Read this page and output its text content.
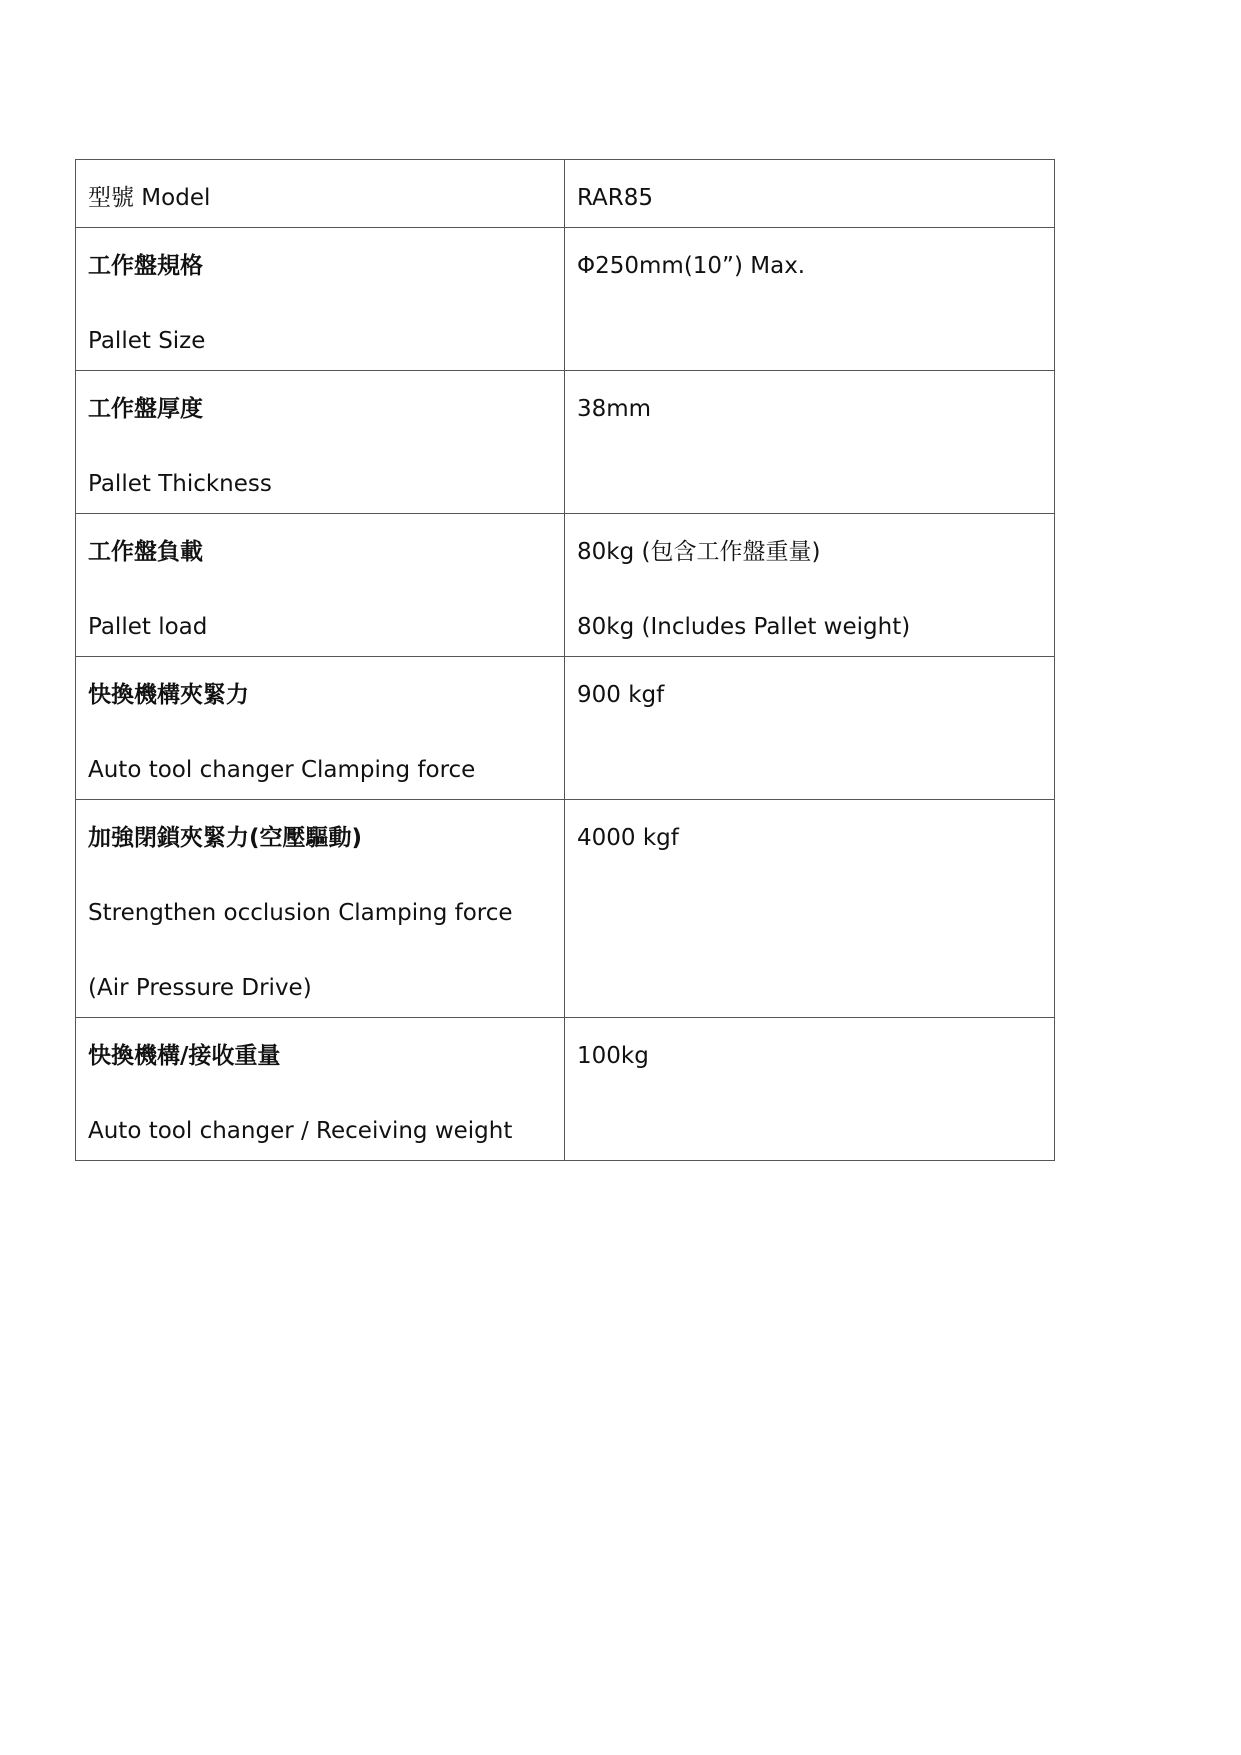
型號 Model	RAR85

工作盤規格
Pallet Size	Φ250mm(10”) Max.

工作盤厚度
Pallet Thickness	38mm

工作盤負載
Pallet load	80kg (包含工作盤重量)
80kg (Includes Pallet weight)

快換機構夾緊力
Auto tool changer Clamping force	900 kgf

加強閉鎖夾緊力(空壓驅動)
Strengthen occlusion Clamping force
(Air Pressure Drive)	4000 kgf

快換機構/接收重量
Auto tool changer / Receiving weight	100kg
